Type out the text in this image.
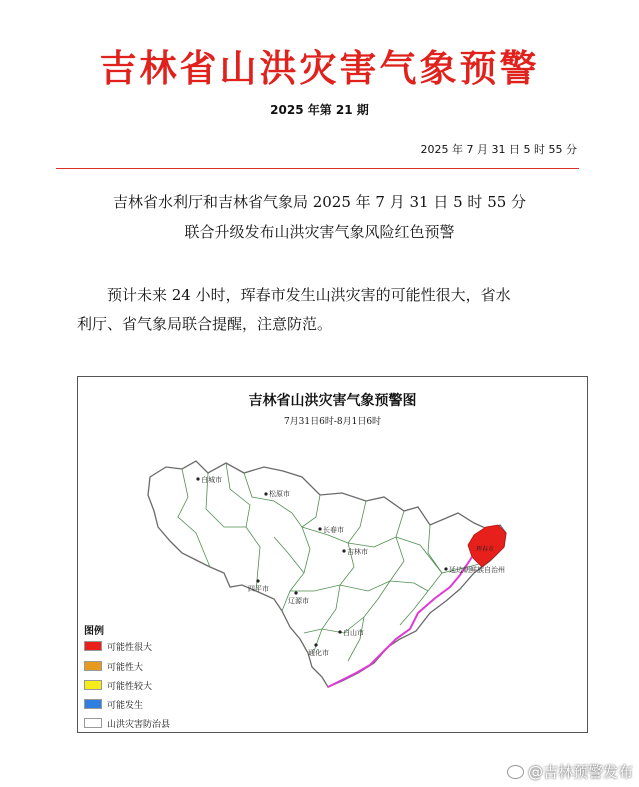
吉林省山洪灾害气象预警
2025 年第 21 期
2025 年 7 月 31 日 5 时 55 分
吉林省水利厅和吉林省气象局 2025 年 7 月 31 日 5 时 55 分
联合升级发布山洪灾害气象风险红色预警
预计未来 24 小时，珲春市发生山洪灾害的可能性很大，省水
利厅、省气象局联合提醒，注意防范。
吉林省山洪灾害气象预警图
7月31日6时-8月1日6时
白城市
松原市
长春市
吉林市
四平市
辽源市
通化市
白山市
延边朝鲜族自治州
珲春市
图例
可能性很大
可能性大
可能性较大
可能发生
山洪灾害防治县
@吉林预警发布
